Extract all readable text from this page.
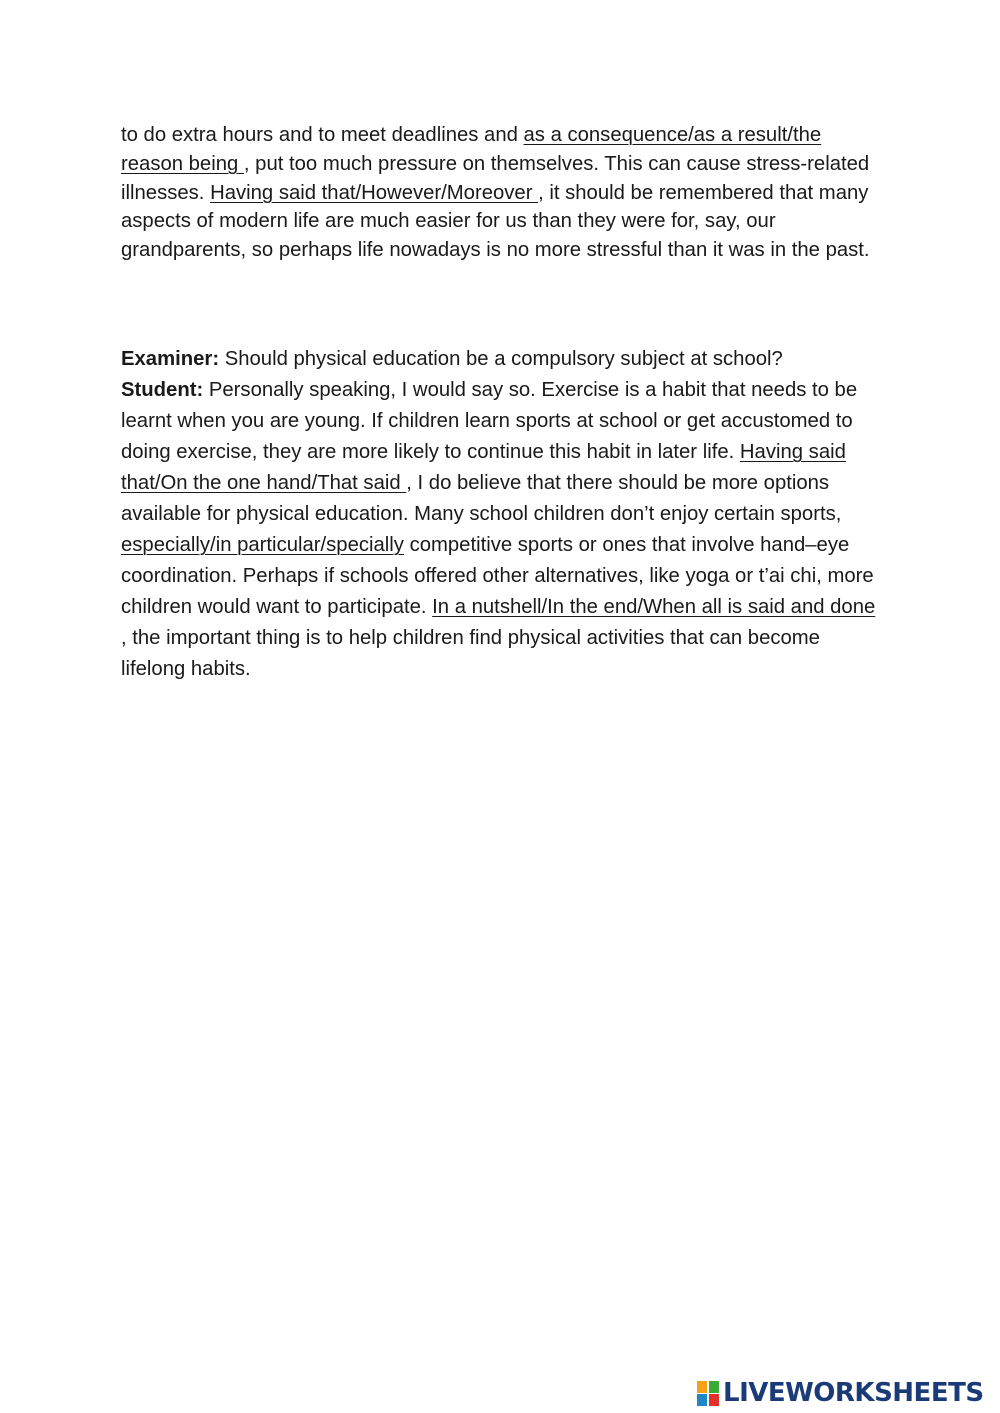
to do extra hours and to meet deadlines and as a consequence/as a result/the reason being , put too much pressure on themselves. This can cause stress-related illnesses. Having said that/However/Moreover , it should be remembered that many aspects of modern life are much easier for us than they were for, say, our grandparents, so perhaps life nowadays is no more stressful than it was in the past.

Examiner: Should physical education be a compulsory subject at school?
Student: Personally speaking, I would say so. Exercise is a habit that needs to be learnt when you are young. If children learn sports at school or get accustomed to doing exercise, they are more likely to continue this habit in later life. Having said that/On the one hand/That said , I do believe that there should be more options available for physical education. Many school children don’t enjoy certain sports, especially/in particular/specially competitive sports or ones that involve hand–eye coordination. Perhaps if schools offered other alternatives, like yoga or t’ai chi, more children would want to participate. In a nutshell/In the end/When all is said and done , the important thing is to help children find physical activities that can become lifelong habits.

LIVEWORKSHEETS
